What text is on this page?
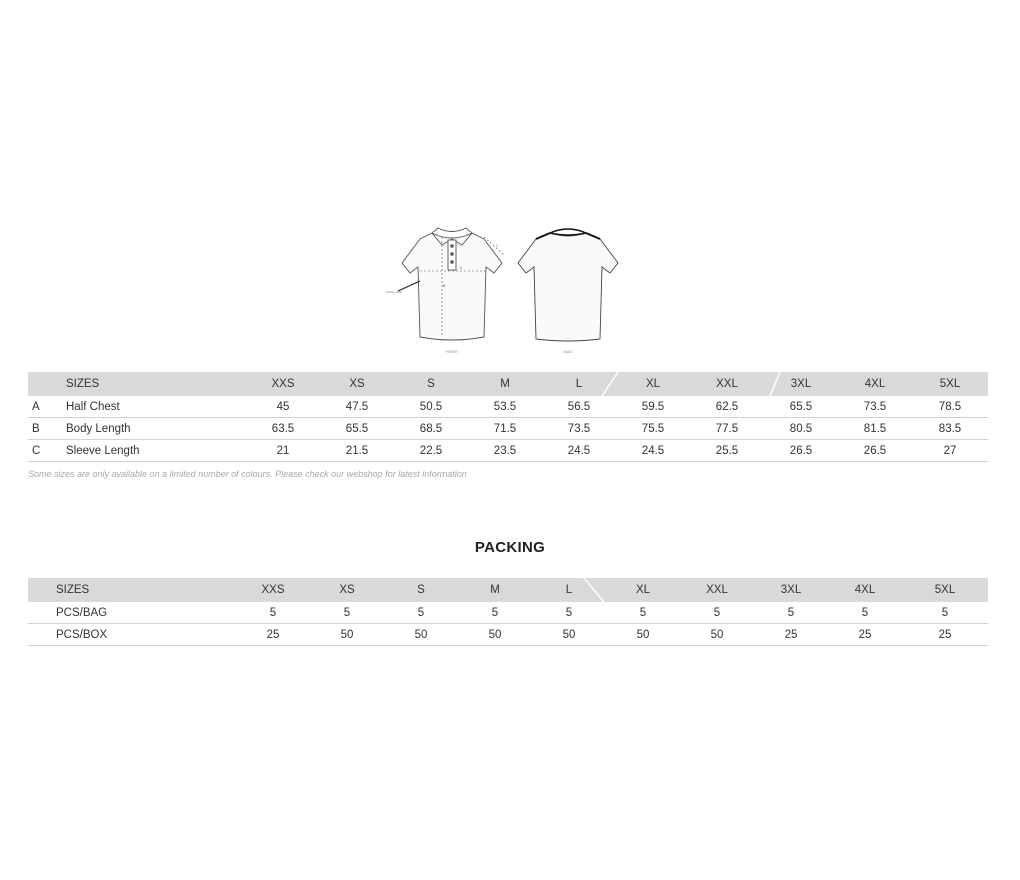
FRONT	BACK
A
B
C
Chest width
	SIZES	XXS	XS	S	M	L	XL	XXL	3XL	4XL	5XL
A	Half Chest	45	47.5	50.5	53.5	56.5	59.5	62.5	65.5	73.5	78.5
B	Body Length	63.5	65.5	68.5	71.5	73.5	75.5	77.5	80.5	81.5	83.5
C	Sleeve Length	21	21.5	22.5	23.5	24.5	24.5	25.5	26.5	26.5	27
Some sizes are only available on a limited number of colours. Please check our webshop for latest information
PACKING
	SIZES	XXS	XS	S	M	L	XL	XXL	3XL	4XL	5XL
	PCS/BAG	5	5	5	5	5	5	5	5	5	5
	PCS/BOX	25	50	50	50	50	50	50	25	25	25
